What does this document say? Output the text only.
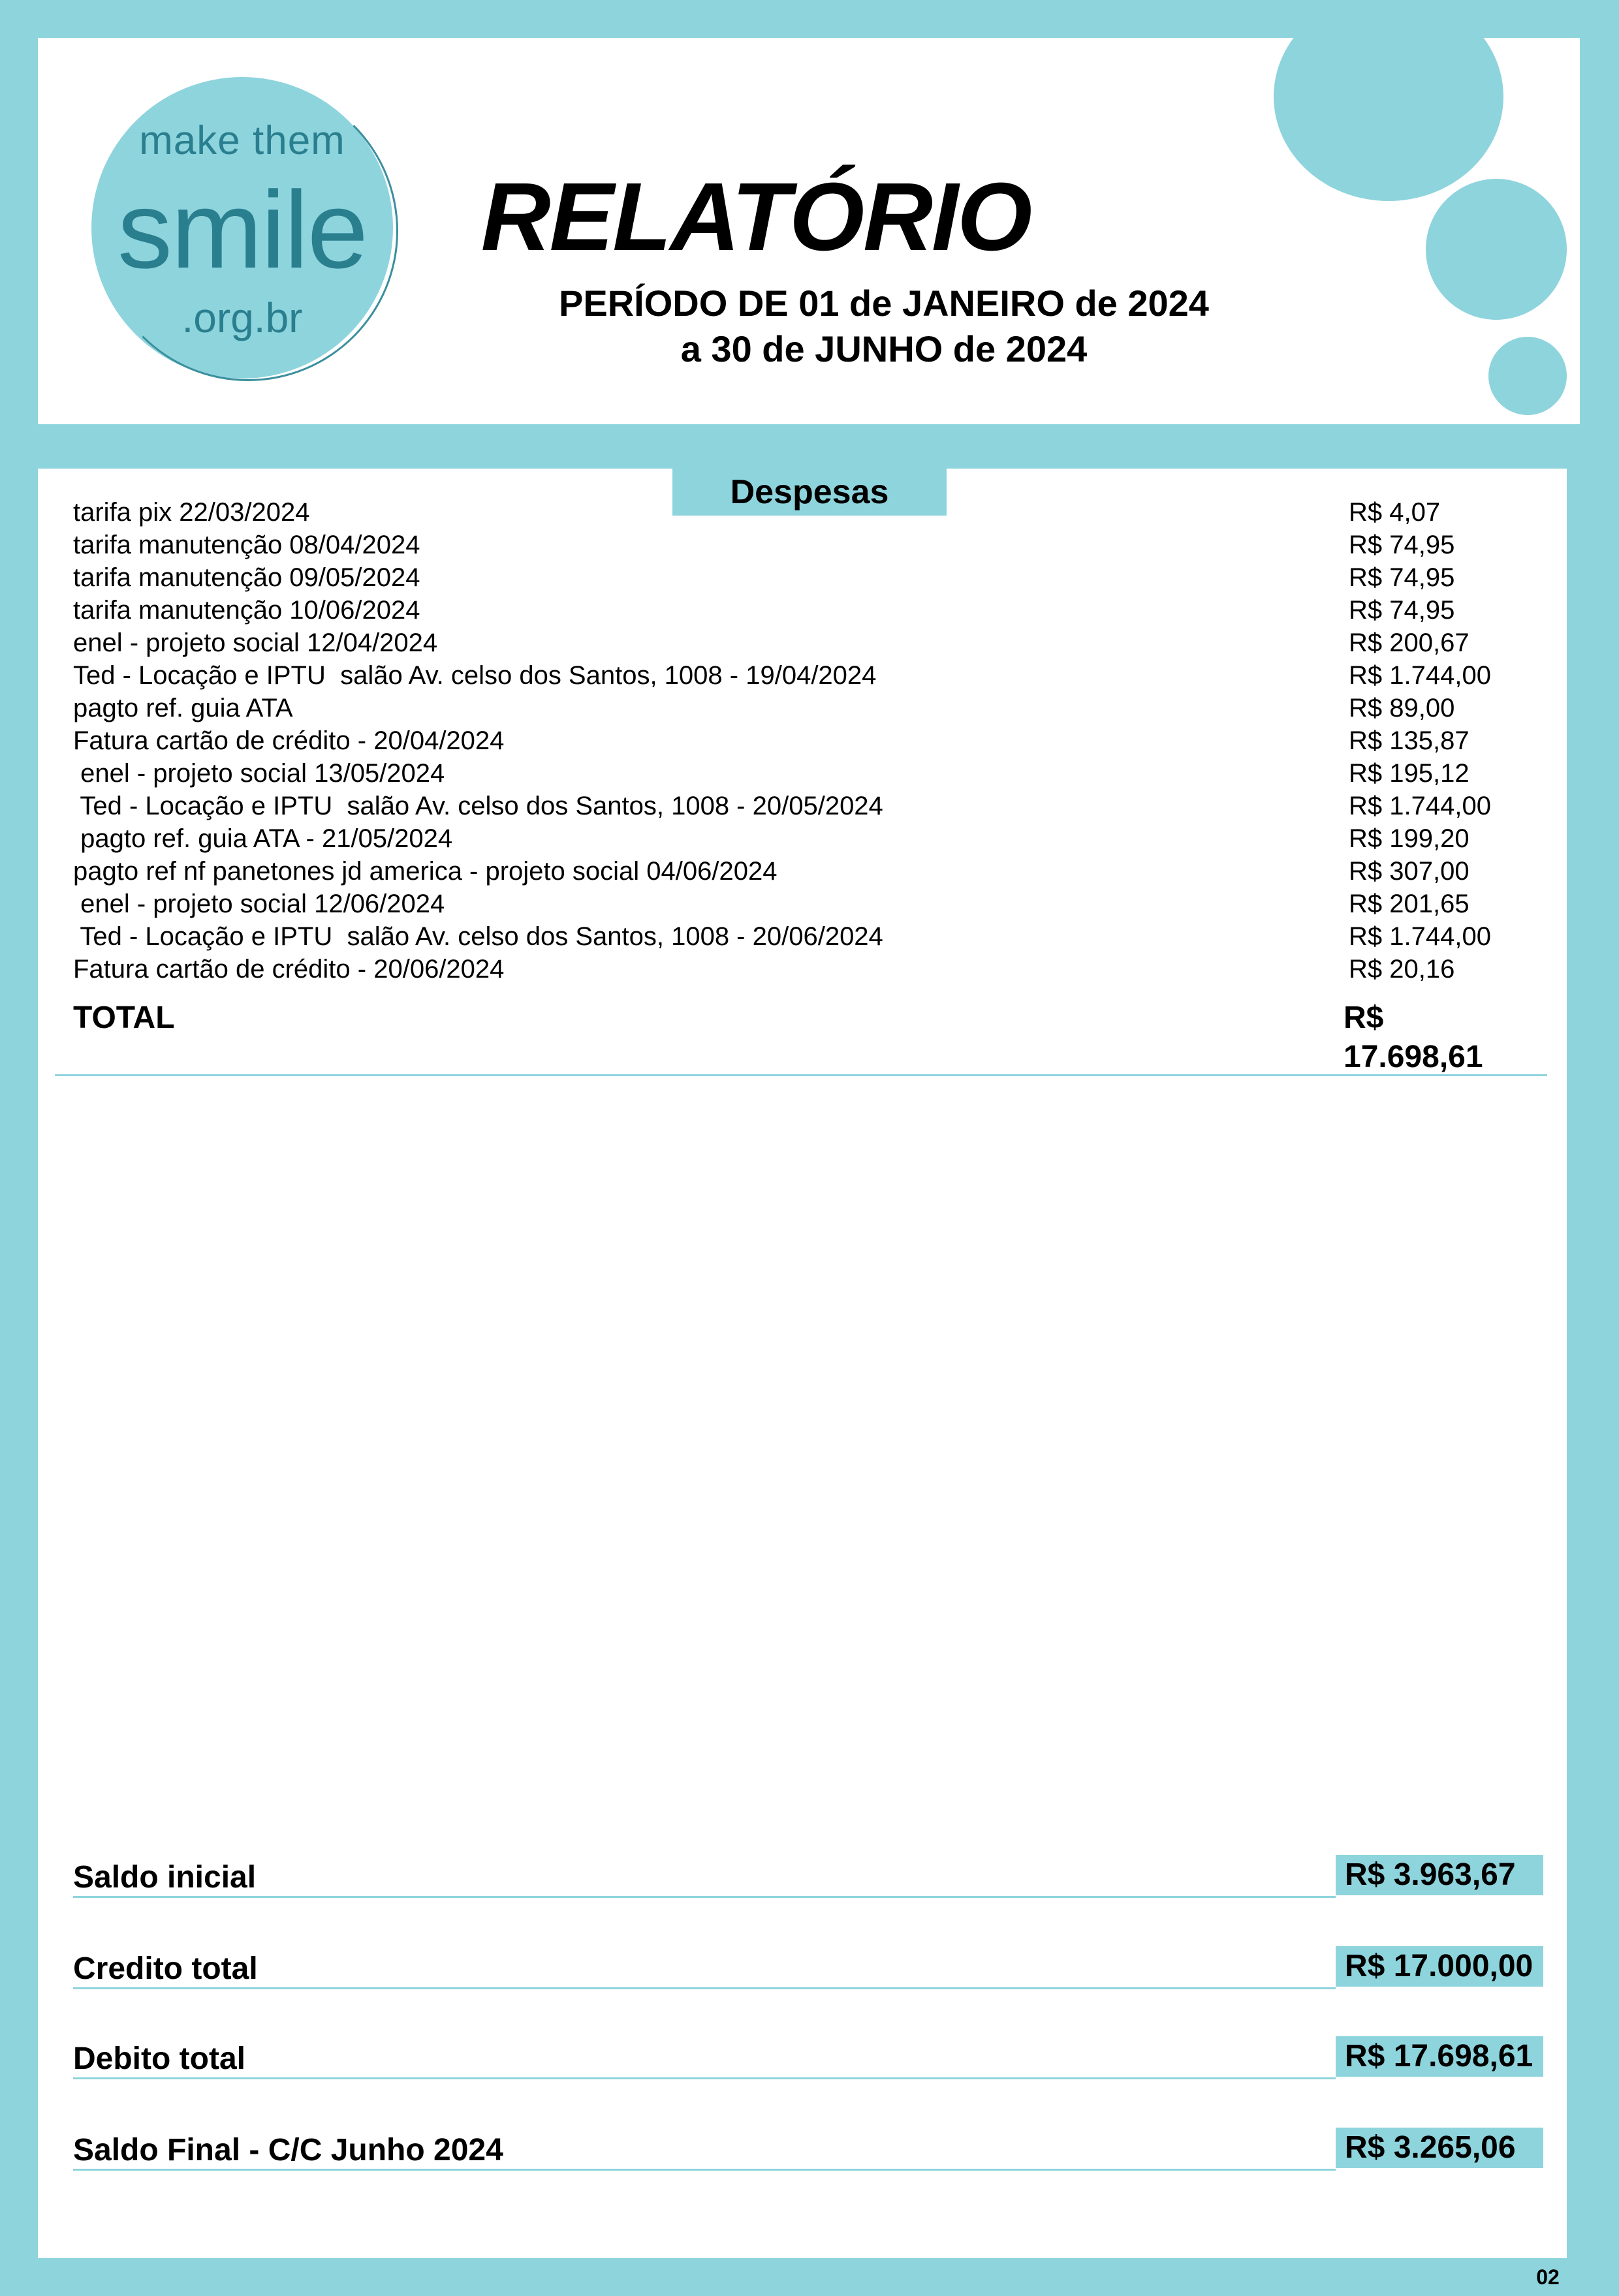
make them
smile
.org.br
RELATÓRIO
PERÍODO DE 01 de JANEIRO de 2024
a 30 de JUNHO de 2024
Despesas
tarifa pix 22/03/2024	R$ 4,07
tarifa manutenção 08/04/2024	R$ 74,95
tarifa manutenção 09/05/2024	R$ 74,95
tarifa manutenção 10/06/2024	R$ 74,95
enel - projeto social 12/04/2024	R$ 200,67
Ted - Locação e IPTU  salão Av. celso dos Santos, 1008 - 19/04/2024	R$ 1.744,00
pagto ref. guia ATA	R$ 89,00
Fatura cartão de crédito - 20/04/2024	R$ 135,87
enel - projeto social 13/05/2024	R$ 195,12
Ted - Locação e IPTU  salão Av. celso dos Santos, 1008 - 20/05/2024	R$ 1.744,00
pagto ref. guia ATA - 21/05/2024	R$ 199,20
pagto ref nf panetones jd america - projeto social 04/06/2024	R$ 307,00
enel - projeto social 12/06/2024	R$ 201,65
Ted - Locação e IPTU  salão Av. celso dos Santos, 1008 - 20/06/2024	R$ 1.744,00
Fatura cartão de crédito - 20/06/2024	R$ 20,16
TOTAL	R$ 17.698,61
Saldo inicial	R$ 3.963,67
Credito total	R$ 17.000,00
Debito total	R$ 17.698,61
Saldo Final - C/C Junho 2024	R$ 3.265,06
02
